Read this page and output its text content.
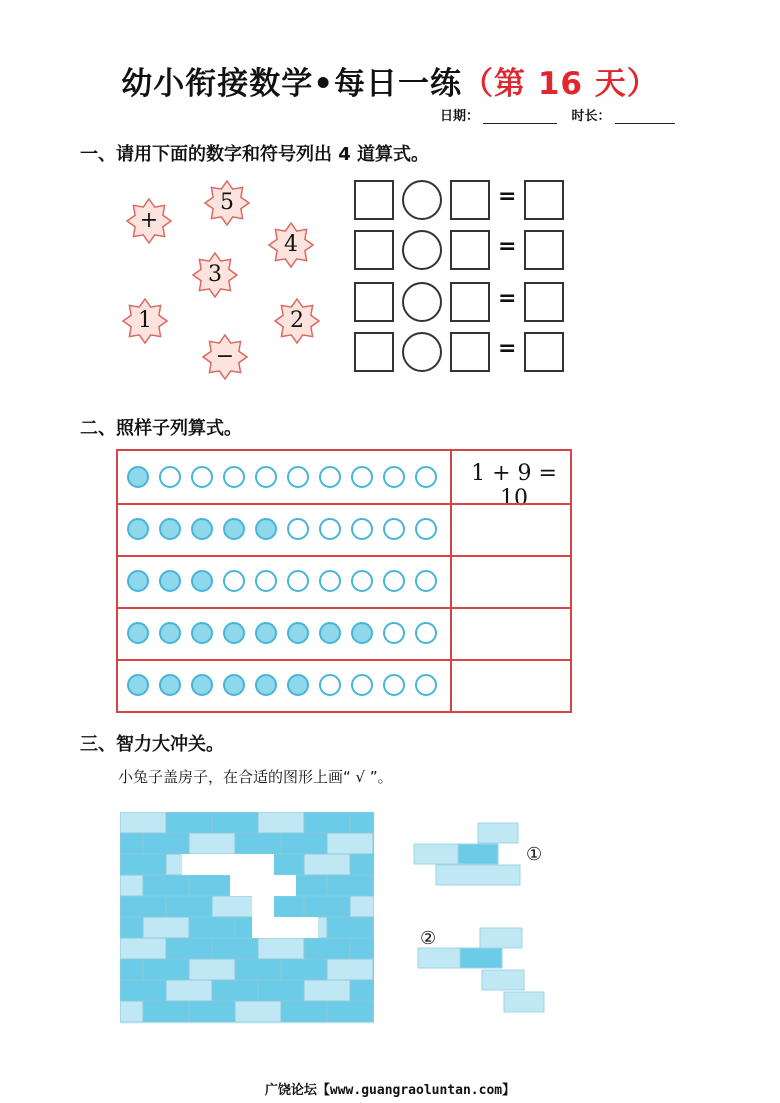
幼小衔接数学•每日一练（第 16 天）
日期：	时长：
一、请用下面的数字和符号列出 4 道算式。
+
5
4
3
1	2
−
=
=
=
=
二、照样子列算式。
1 + 9 = 10
三、智力大冲关。
小兔子盖房子，在合适的图形上画“ √ ”。
①
②
广饶论坛【www.guangraoluntan.com】
